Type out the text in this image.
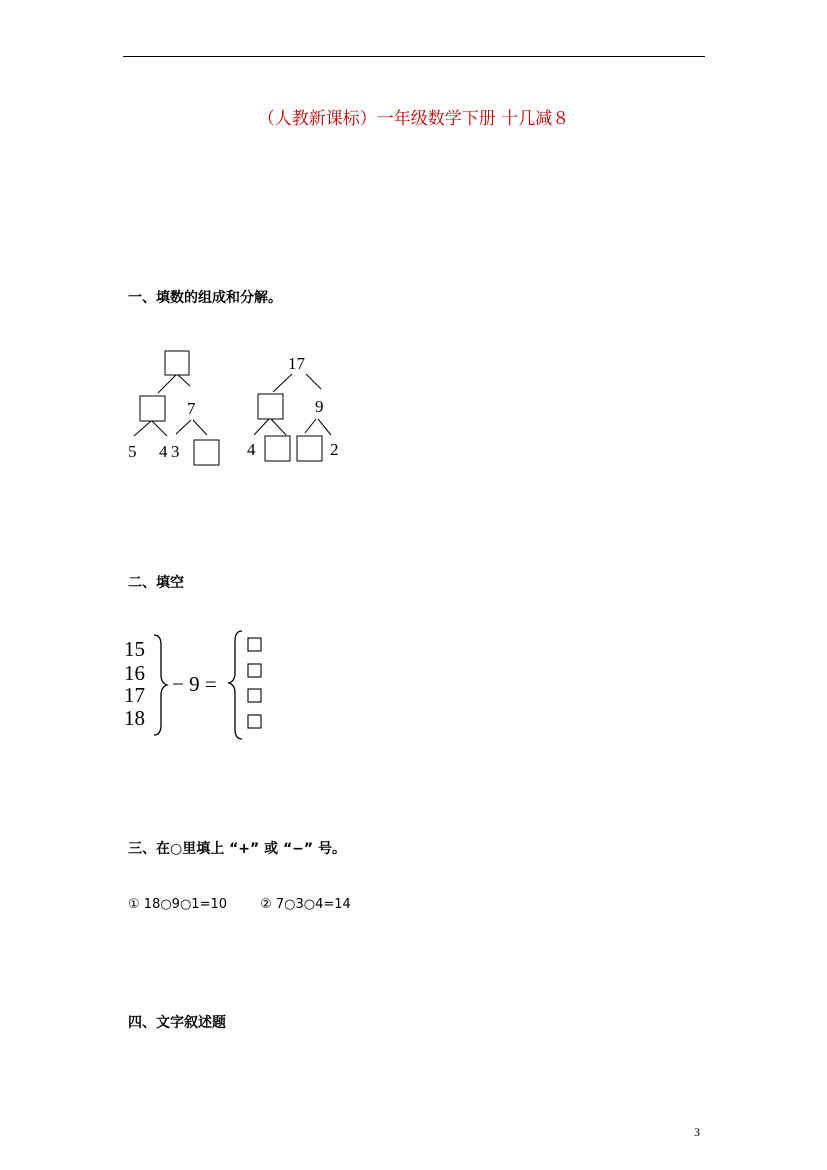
（人教新课标）一年级数学下册 十几减８
一、填数的组成和分解。
7
5 4 3
17
9
4	2
二、填空
15
16
17
18
− 9 =
三、在○里填上 “+” 或 “−” 号。
① 18○9○1=10	② 7○3○4=14
四、文字叙述题
3
